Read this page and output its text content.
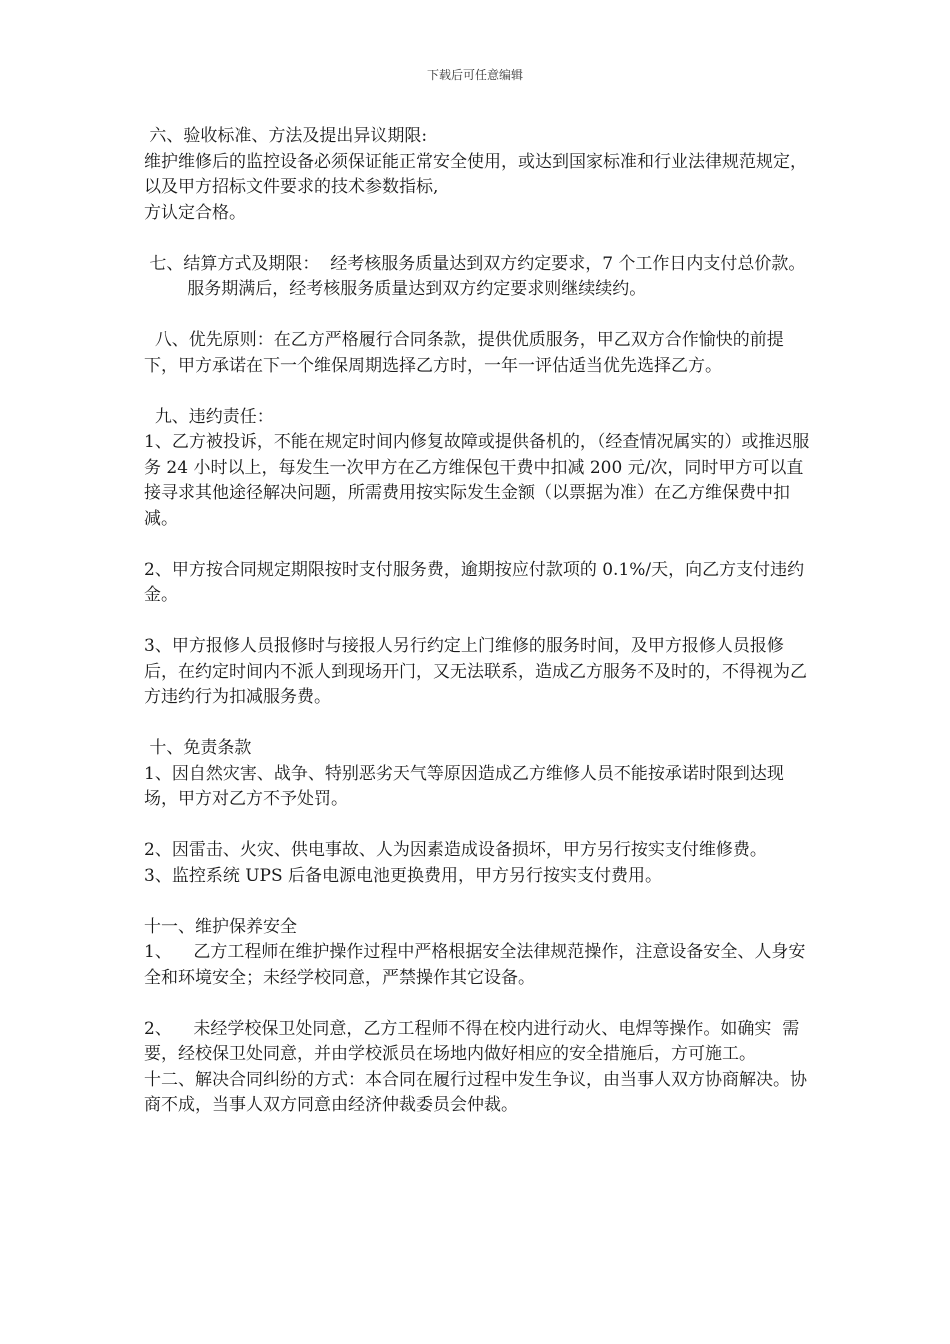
下载后可任意编辑

六、验收标准、方法及提出异议期限:

维护维修后的监控设备必须保证能正常安全使用，或达到国家标准和行业法律规范规定，以及甲方招标文件要求的技术参数指标,

方认定合格。

七、结算方式及期限：  经考核服务质量达到双方约定要求，7 个工作日内支付总价款。

服务期满后，经考核服务质量达到双方约定要求则继续续约。

八、优先原则：在乙方严格履行合同条款，提供优质服务，甲乙双方合作愉快的前提下，甲方承诺在下一个维保周期选择乙方时，一年一评估适当优先选择乙方。

九、违约责任：

1、乙方被投诉，不能在规定时间内修复故障或提供备机的，（经查情况属实的）或推迟服务 24 小时以上，每发生一次甲方在乙方维保包干费中扣减 200 元/次，同时甲方可以直接寻求其他途径解决问题，所需费用按实际发生金额（以票据为准）在乙方维保费中扣减。

2、甲方按合同规定期限按时支付服务费，逾期按应付款项的 0.1%/天，向乙方支付违约金。

3、甲方报修人员报修时与接报人另行约定上门维修的服务时间，及甲方报修人员报修后，在约定时间内不派人到现场开门，又无法联系，造成乙方服务不及时的，不得视为乙方违约行为扣减服务费。

十、免责条款

1、因自然灾害、战争、特别恶劣天气等原因造成乙方维修人员不能按承诺时限到达现场，甲方对乙方不予处罚。

2、因雷击、火灾、供电事故、人为因素造成设备损坏，甲方另行按实支付维修费。

3、监控系统 UPS 后备电源电池更换费用，甲方另行按实支付费用。

十一、维护保养安全

1、    乙方工程师在维护操作过程中严格根据安全法律规范操作，注意设备安全、人身安  全和环境安全；未经学校同意，严禁操作其它设备。

2、    未经学校保卫处同意，乙方工程师不得在校内进行动火、电焊等操作。如确实  需要，经校保卫处同意，并由学校派员在场地内做好相应的安全措施后，方可施工。

十二、解决合同纠纷的方式：本合同在履行过程中发生争议，由当事人双方协商解决。协商不成，当事人双方同意由经济仲裁委员会仲裁。
